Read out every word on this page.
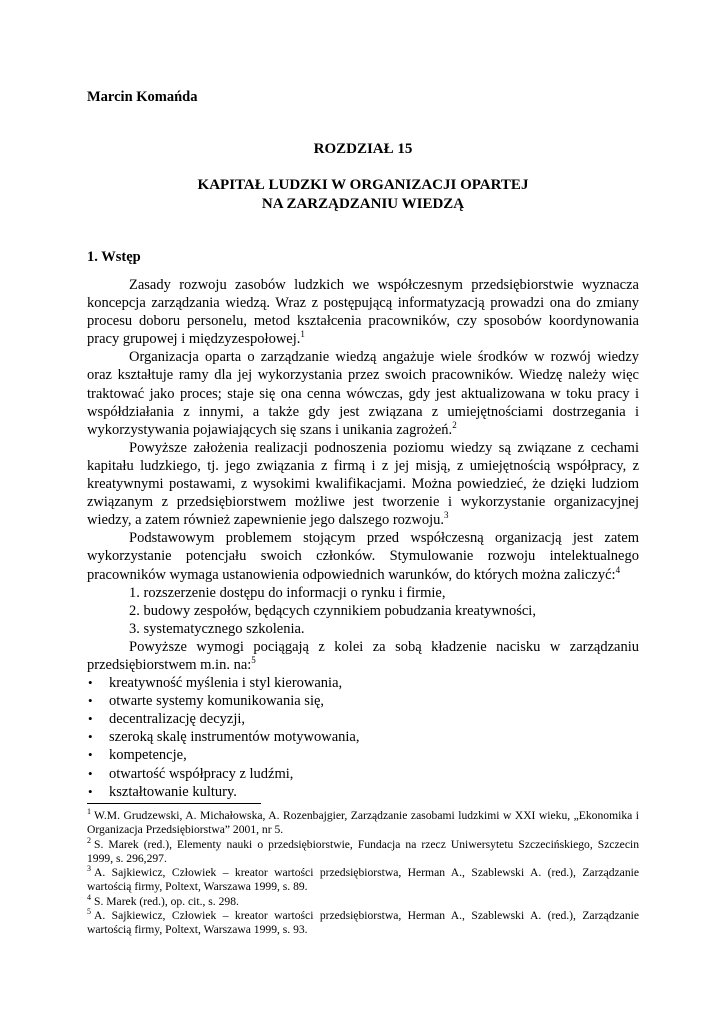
Marcin Komańda
ROZDZIAŁ 15
KAPITAŁ LUDZKI W ORGANIZACJI OPARTEJ
NA ZARZĄDZANIU WIEDZĄ
1. Wstęp

Zasady rozwoju zasobów ludzkich we współczesnym przedsiębiorstwie wyznacza koncepcja zarządzania wiedzą. Wraz z postępującą informatyzacją prowadzi ona do zmiany procesu doboru personelu, metod kształcenia pracowników, czy sposobów koordynowania pracy grupowej i międzyzespołowej.$^1$

Organizacja oparta o zarządzanie wiedzą angażuje wiele środków w rozwój wiedzy oraz kształtuje ramy dla jej wykorzystania przez swoich pracowników. Wiedzę należy więc traktować jako proces; staje się ona cenna wówczas, gdy jest aktualizowana w toku pracy i współdziałania z innymi, a także gdy jest związana z umiejętnościami dostrzegania i wykorzystywania pojawiających się szans i unikania zagrożeń.$^2$

Powyższe założenia realizacji podnoszenia poziomu wiedzy są związane z cechami kapitału ludzkiego, tj. jego związania z firmą i z jej misją, z umiejętnością współpracy, z kreatywnymi postawami, z wysokimi kwalifikacjami. Można powiedzieć, że dzięki ludziom związanym z przedsiębiorstwem możliwe jest tworzenie i wykorzystanie organizacyjnej wiedzy, a zatem również zapewnienie jego dalszego rozwoju.$^3$

Podstawowym problemem stojącym przed współczesną organizacją jest zatem wykorzystanie potencjału swoich członków. Stymulowanie rozwoju intelektualnego pracowników wymaga ustanowienia odpowiednich warunków, do których można zaliczyć:$^4$

1. rozszerzenie dostępu do informacji o rynku i firmie,
2. budowy zespołów, będących czynnikiem pobudzania kreatywności,
3. systematycznego szkolenia.

Powyższe wymogi pociągają z kolei za sobą kładzenie nacisku w zarządzaniu przedsiębiorstwem m.in. na:$^5$

• kreatywność myślenia i styl kierowania,
• otwarte systemy komunikowania się,
• decentralizację decyzji,
• szeroką skalę instrumentów motywowania,
• kompetencje,
• otwartość współpracy z ludźmi,
• kształtowanie kultury.

$^1$ W.M. Grudzewski, A. Michałowska, A. Rozenbajgier, Zarządzanie zasobami ludzkimi w XXI wieku, „Ekonomika i Organizacja Przedsiębiorstwa” 2001, nr 5.

$^2$ S. Marek (red.), Elementy nauki o przedsiębiorstwie, Fundacja na rzecz Uniwersytetu Szczecińskiego, Szczecin 1999, s. 296,297.

$^3$ A. Sajkiewicz, Człowiek – kreator wartości przedsiębiorstwa, Herman A., Szablewski A. (red.), Zarządzanie wartością firmy, Poltext, Warszawa 1999, s. 89.

$^4$ S. Marek (red.), op. cit., s. 298.

$^5$ A. Sajkiewicz, Człowiek – kreator wartości przedsiębiorstwa, Herman A., Szablewski A. (red.), Zarządzanie wartością firmy, Poltext, Warszawa 1999, s. 93.
